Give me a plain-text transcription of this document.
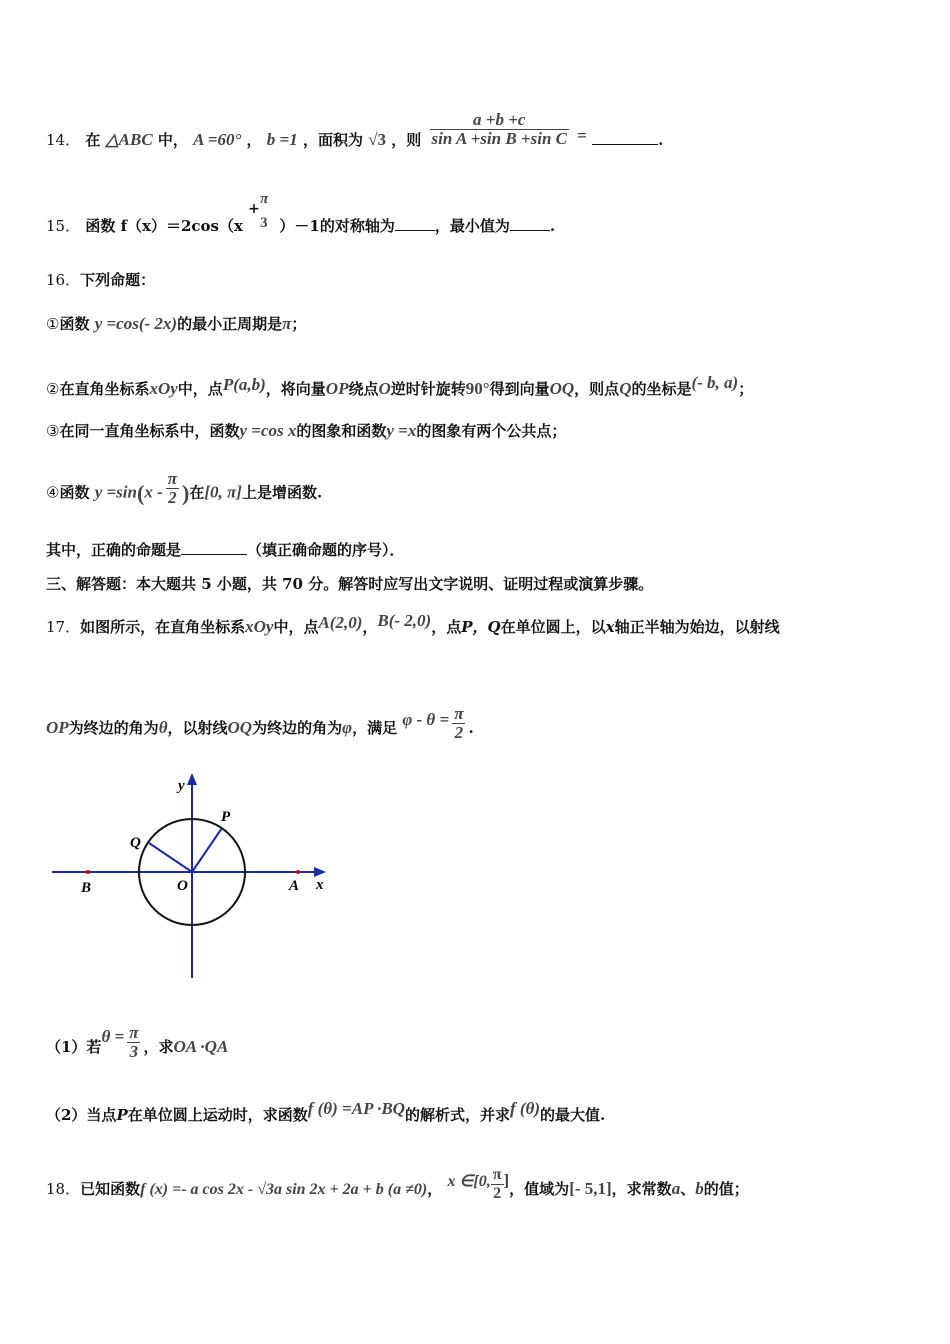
14． 在 △ABC 中， A =60° ， b =1 ，面积为 √3 ，则 $\frac{a +b +c}{\text{sin A +sin B +sin C}}$ =	.
15． 函数 f（x）＝2cos（x
+
π
3 ）－1的对称轴为	，最小值为	.
16．下列命题：
①函数 y =cos(- 2x)的最小正周期是π；
②在直角坐标系xOy中，点P(a,b)，将向量OP绕点O逆时针旋转90°得到向量OQ，则点Q的坐标是(- b, a)；
③在同一直角坐标系中，函数y =cos x的图象和函数y =x的图象有两个公共点；
④函数 $y =\sin(x - \frac{\pi}{2}$ )在[0, π]上是增函数.
其中，正确的命题是	（填正确命题的序号）．
三、解答题：本大题共 5 小题，共 70 分。解答时应写出文字说明、证明过程或演算步骤。
17．如图所示，在直角坐标系xOy中，点A(2,0)，B(- 2,0)，点P，Q在单位圆上，以x轴正半轴为始边，以射线
OP为终边的角为θ，以射线OQ为终边的角为φ，满足 $\varphi - \theta = \frac{\pi}{2}$ .
y
x
P
Q
O	A
B
（1）若$\theta = \frac{\pi}{3}$ ，求OA ·QA
（2）当点P在单位圆上运动时，求函数f (θ) =AP ·BQ的解析式，并求f (θ)的最大值.
18．已知函数f (x) =- a cos 2x - √3a sin 2x + 2a + b (a ≠0)， x ∈[0, $\frac{\pi}{2}$ ]，值域为[- 5,1]，求常数a、b的值；
